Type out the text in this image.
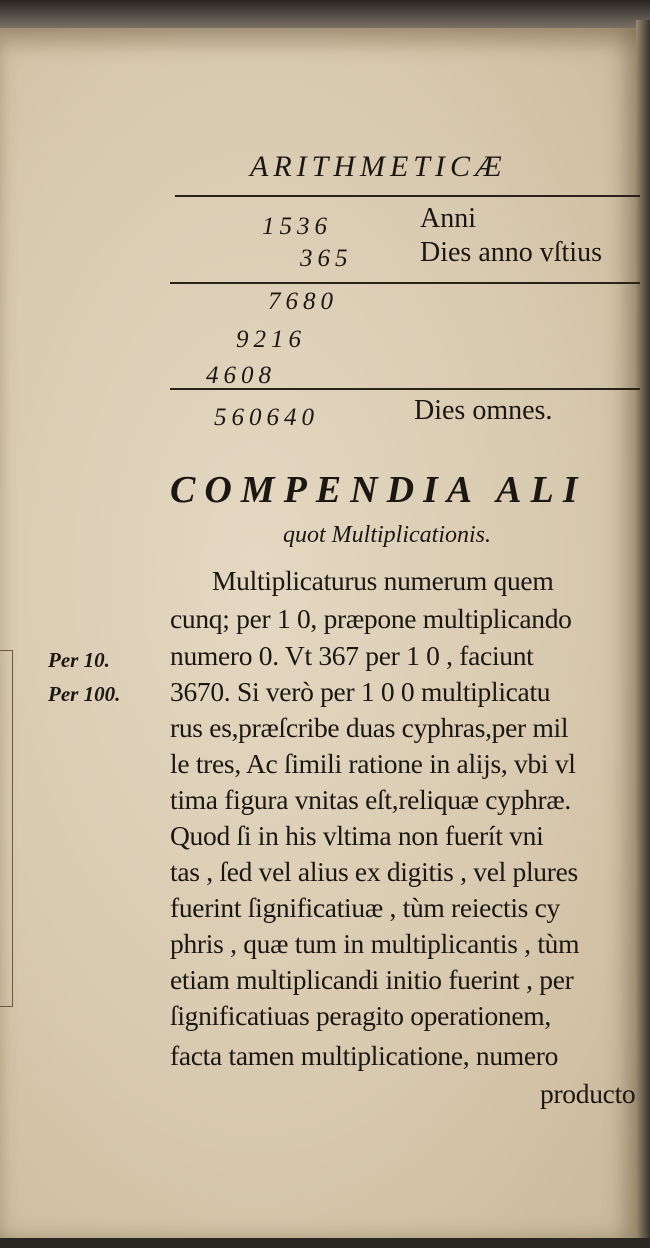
ARITHMETICÆ
1536	Anni
365 Dies anno vſtius
7680
9216
4608
560640	Dies omnes.
COMPENDIA ALI
quot Multiplicationis.
Per 10.
Per 100.
Multiplicaturus numerum quem
cunq; per 1 0, præpone multiplicando
numero 0. Vt 367 per 1 0 , faciunt
3670. Si verò per 1 0 0 multiplicatu
rus es,præſcribe duas cyphras,per mil
le tres, Ac ſimili ratione in aliјs, vbi vl
tima figura vnitas eſt,reliquæ cyphræ.
Quod ſi in his vltima non fuerít vni
tas , ſed vel alius ex digitis , vel plures
fuerint ſignificatiuæ , tùm reiectis cy
phris , quæ tum in multiplicantis , tùm
etiam multiplicandi initio fuerint , per
ſignificatiuas peragito operationem,
facta tamen multiplicatione, numero
producto
